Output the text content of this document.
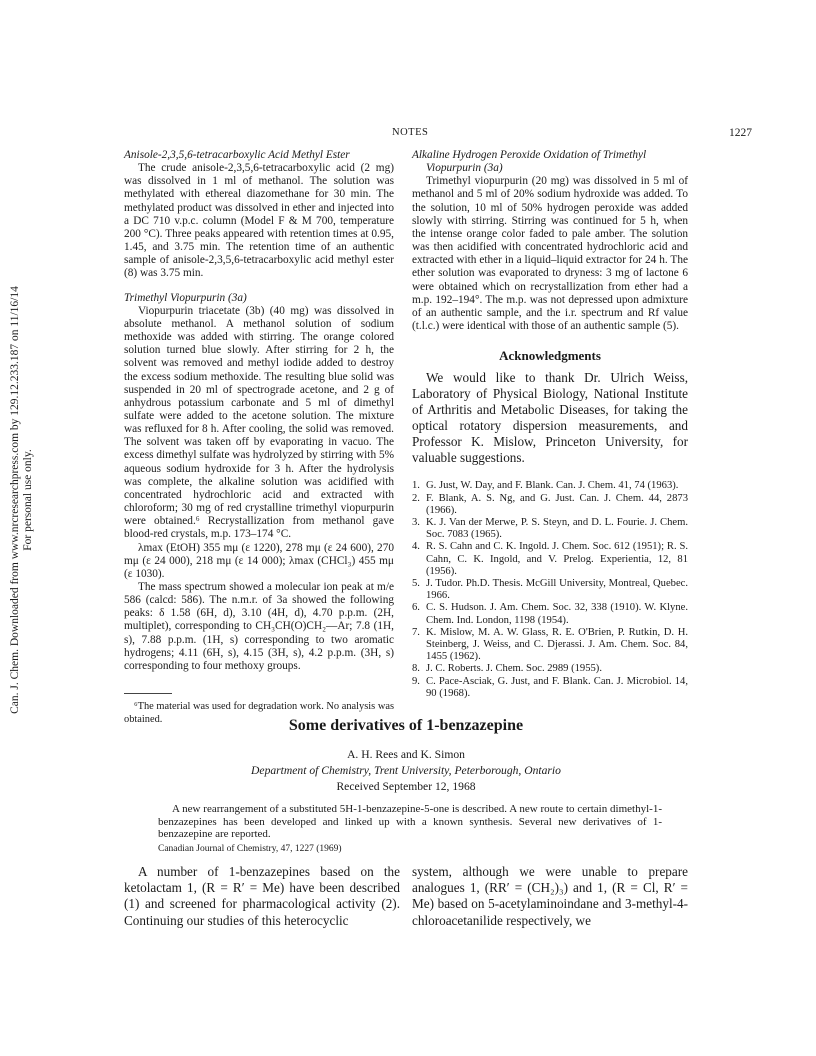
Can. J. Chem. Downloaded from www.nrcresearchpress.com by 129.12.233.187 on 11/16/14 For personal use only.
NOTES	1227

Anisole-2,3,5,6-tetracarboxylic Acid Methyl Ester

The crude anisole-2,3,5,6-tetracarboxylic acid (2 mg) was dissolved in 1 ml of methanol. The solution was methylated with ethereal diazomethane for 30 min. The methylated product was dissolved in ether and injected into a DC 710 v.p.c. column (Model F & M 700, temperature 200 °C). Three peaks appeared with retention times at 0.95, 1.45, and 3.75 min. The retention time of an authentic sample of anisole-2,3,5,6-tetracarboxylic acid methyl ester (8) was 3.75 min.

Trimethyl Viopurpurin (3a)

Viopurpurin triacetate (3b) (40 mg) was dissolved in absolute methanol. A methanol solution of sodium methoxide was added with stirring. The orange colored solution turned blue slowly. After stirring for 2 h, the solvent was removed and methyl iodide added to destroy the excess sodium methoxide. The resulting blue solid was suspended in 20 ml of spectrograde acetone, and 2 g of anhydrous potassium carbonate and 5 ml of dimethyl sulfate were added to the acetone solution. The mixture was refluxed for 8 h. After cooling, the solid was removed. The solvent was taken off by evaporating in vacuo. The excess dimethyl sulfate was hydrolyzed by stirring with 5% aqueous sodium hydroxide for 3 h. After the hydrolysis was complete, the alkaline solution was acidified with concentrated hydrochloric acid and extracted with chloroform; 30 mg of red crystalline trimethyl viopurpurin were obtained.⁶ Recrystallization from methanol gave blood-red crystals, m.p. 173–174 °C.

λmax (EtOH) 355 mμ (ε 1220), 278 mμ (ε 24 600), 270 mμ (ε 24 000), 218 mμ (ε 14 000); λmax (CHCl₃) 455 mμ (ε 1030).

The mass spectrum showed a molecular ion peak at m/e 586 (calcd: 586). The n.m.r. of 3a showed the following peaks: δ 1.58 (6H, d), 3.10 (4H, d), 4.70 p.p.m. (2H, multiplet), corresponding to CH₃CH(O)CH₂—Ar; 7.8 (1H, s), 7.88 p.p.m. (1H, s) corresponding to two aromatic hydrogens; 4.11 (6H, s), 4.15 (3H, s), 4.2 p.p.m. (3H, s) corresponding to four methoxy groups.

⁶The material was used for degradation work. No analysis was obtained.

Alkaline Hydrogen Peroxide Oxidation of Trimethyl

Viopurpurin (3a)

Trimethyl viopurpurin (20 mg) was dissolved in 5 ml of methanol and 5 ml of 20% sodium hydroxide was added. To the solution, 10 ml of 50% hydrogen peroxide was added slowly with stirring. Stirring was continued for 5 h, when the intense orange color faded to pale amber. The solution was then acidified with concentrated hydrochloric acid and extracted with ether in a liquid–liquid extractor for 24 h. The ether solution was evaporated to dryness: 3 mg of lactone 6 were obtained which on recrystallization from ether had a m.p. 192–194°. The m.p. was not depressed upon admixture of an authentic sample, and the i.r. spectrum and Rf value (t.l.c.) were identical with those of an authentic sample (5).

Acknowledgments

We would like to thank Dr. Ulrich Weiss, Laboratory of Physical Biology, National Institute of Arthritis and Metabolic Diseases, for taking the optical rotatory dispersion measurements, and Professor K. Mislow, Princeton University, for valuable suggestions.

1. G. Just, W. Day, and F. Blank. Can. J. Chem. 41, 74 (1963).
2. F. Blank, A. S. Ng, and G. Just. Can. J. Chem. 44, 2873 (1966).
3. K. J. Van der Merwe, P. S. Steyn, and D. L. Fourie. J. Chem. Soc. 7083 (1965).
4. R. S. Cahn and C. K. Ingold. J. Chem. Soc. 612 (1951); R. S. Cahn, C. K. Ingold, and V. Prelog. Experientia, 12, 81 (1956).
5. J. Tudor. Ph.D. Thesis. McGill University, Montreal, Quebec. 1966.
6. C. S. Hudson. J. Am. Chem. Soc. 32, 338 (1910). W. Klyne. Chem. Ind. London, 1198 (1954).
7. K. Mislow, M. A. W. Glass, R. E. O'Brien, P. Rutkin, D. H. Steinberg, J. Weiss, and C. Djerassi. J. Am. Chem. Soc. 84, 1455 (1962).
8. J. C. Roberts. J. Chem. Soc. 2989 (1955).
9. C. Pace-Asciak, G. Just, and F. Blank. Can. J. Microbiol. 14, 90 (1968).
Some derivatives of 1-benzazepine
A. H. Rees and K. Simon
Department of Chemistry, Trent University, Peterborough, Ontario
Received September 12, 1968
A new rearrangement of a substituted 5H-1-benzazepine-5-one is described. A new route to certain dimethyl-1-benzazepines has been developed and linked up with a known synthesis. Several new derivatives of 1-benzazepine are reported.
Canadian Journal of Chemistry, 47, 1227 (1969)
A number of 1-benzazepines based on the ketolactam 1, (R = R′ = Me) have been described (1) and screened for pharmacological activity (2). Continuing our studies of this heterocyclic
system, although we were unable to prepare analogues 1, (RR′ = (CH₂)₃) and 1, (R = Cl, R′ = Me) based on 5-acetylaminoindane and 3-methyl-4-chloroacetanilide respectively, we
